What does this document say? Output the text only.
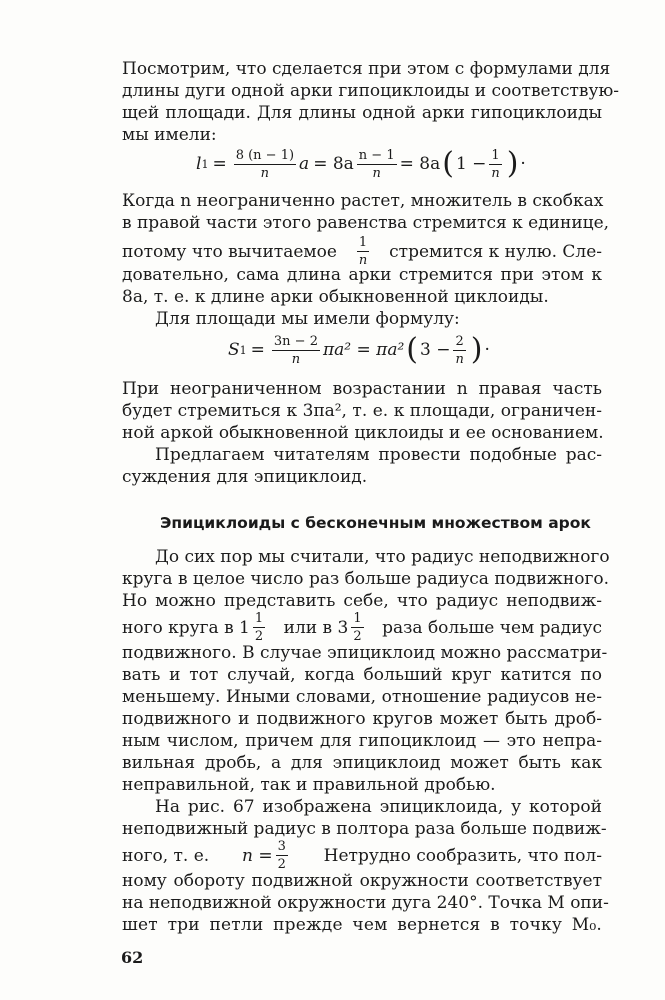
Посмотрим, что сделается при этом с формулами для
длины дуги одной арки гипоциклоиды и соответствую-
щей площади. Для длины одной арки гипоциклоиды
мы имели:
l $1 = \frac{8 (n - 1)}{n}$ $a = 8a \frac{n - 1}{n} = 8a$ ( $1 - \frac{1}{n}$ ) ·
Когда n неограниченно растет, множитель в скобках
в правой части этого равенства стремится к единице,
потому что вычитаемое $\frac{1}{n}$ стремится к нулю. Сле-
довательно, сама длина арки стремится при этом к
8a, т. е. к длине арки обыкновенной циклоиды.
Для площади мы имели формулу:
S $1 = \frac{3n - 2}{n} \pi a^2 = \pi a^2$ ( $3 - \frac{2}{n}$ ) ·
При неограниченном возрастании n правая часть
будет стремиться к 3πa², т. е. к площади, ограничен-
ной аркой обыкновенной циклоиды и ее основанием.
Предлагаем читателям провести подобные рас-
суждения для эпициклоид.
Эпициклоиды с бесконечным множеством арок
До сих пор мы считали, что радиус неподвижного
круга в целое число раз больше радиуса подвижного.
Но можно представить себе, что радиус неподвиж-
ного круга в $1 \frac{1}{2}$ или в $3 \frac{1}{2}$ раза больше чем радиус
подвижного. В случае эпициклоид можно рассматри-
вать и тот случай, когда больший круг катится по
меньшему. Иными словами, отношение радиусов не-
подвижного и подвижного кругов может быть дроб-
ным числом, причем для гипоциклоид — это непра-
вильная дробь, а для эпициклоид может быть как
неправильной, так и правильной дробью.
На рис. 67 изображена эпициклоида, у которой
неподвижный радиус в полтора раза больше подвиж-
ного, т. е. $n = \frac{3}{2}$ Нетрудно сообразить, что пол-
ному обороту подвижной окружности соответствует
на неподвижной окружности дуга 240°. Точка M опи-
шет три петли прежде чем вернется в точку M₀.
62
